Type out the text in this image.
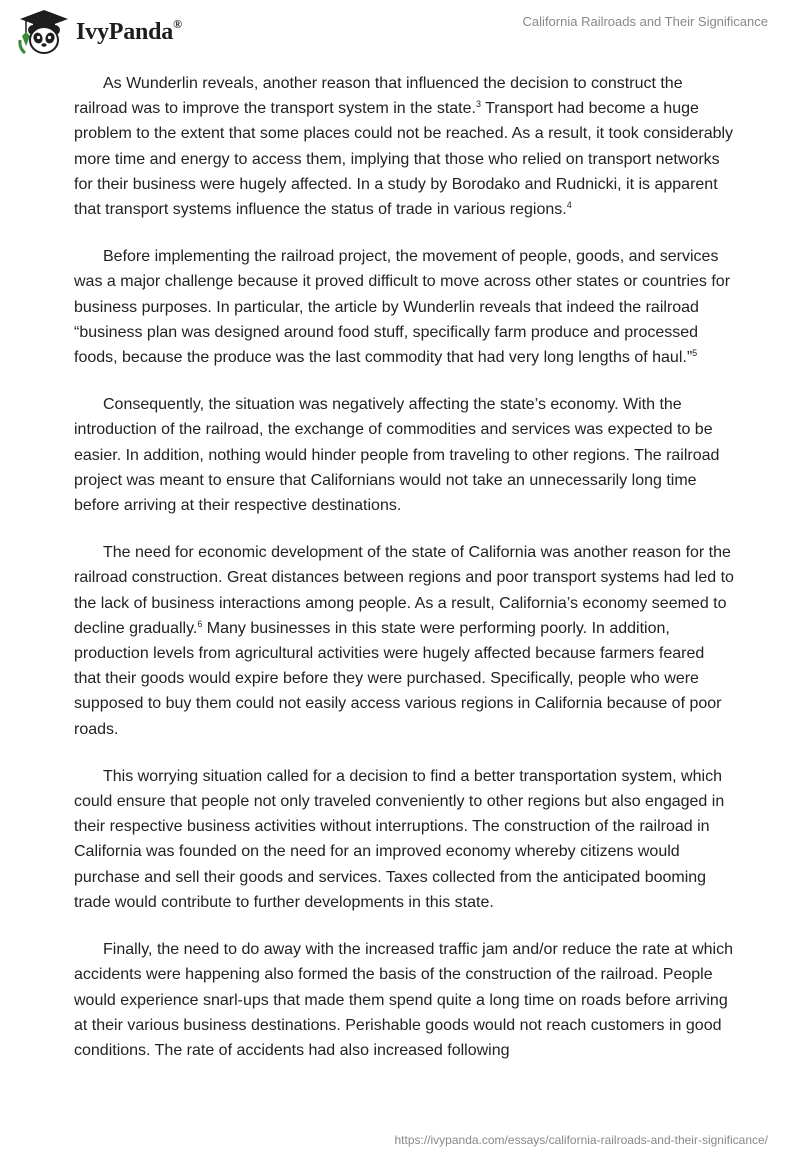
IvyPanda®	California Railroads and Their Significance

As Wunderlin reveals, another reason that influenced the decision to construct the railroad was to improve the transport system in the state.$^3$ Transport had become a huge problem to the extent that some places could not be reached. As a result, it took considerably more time and energy to access them, implying that those who relied on transport networks for their business were hugely affected. In a study by Borodako and Rudnicki, it is apparent that transport systems influence the status of trade in various regions.$^4$

Before implementing the railroad project, the movement of people, goods, and services was a major challenge because it proved difficult to move across other states or countries for business purposes. In particular, the article by Wunderlin reveals that indeed the railroad “business plan was designed around food stuff, specifically farm produce and processed foods, because the produce was the last commodity that had very long lengths of haul.”$^5$

Consequently, the situation was negatively affecting the state’s economy. With the introduction of the railroad, the exchange of commodities and services was expected to be easier. In addition, nothing would hinder people from traveling to other regions. The railroad project was meant to ensure that Californians would not take an unnecessarily long time before arriving at their respective destinations.

The need for economic development of the state of California was another reason for the railroad construction. Great distances between regions and poor transport systems had led to the lack of business interactions among people. As a result, California’s economy seemed to decline gradually.$^6$ Many businesses in this state were performing poorly. In addition, production levels from agricultural activities were hugely affected because farmers feared that their goods would expire before they were purchased. Specifically, people who were supposed to buy them could not easily access various regions in California because of poor roads.

This worrying situation called for a decision to find a better transportation system, which could ensure that people not only traveled conveniently to other regions but also engaged in their respective business activities without interruptions. The construction of the railroad in California was founded on the need for an improved economy whereby citizens would purchase and sell their goods and services. Taxes collected from the anticipated booming trade would contribute to further developments in this state.

Finally, the need to do away with the increased traffic jam and/or reduce the rate at which accidents were happening also formed the basis of the construction of the railroad. People would experience snarl-ups that made them spend quite a long time on roads before arriving at their various business destinations. Perishable goods would not reach customers in good conditions. The rate of accidents had also increased following

https://ivypanda.com/essays/california-railroads-and-their-significance/
